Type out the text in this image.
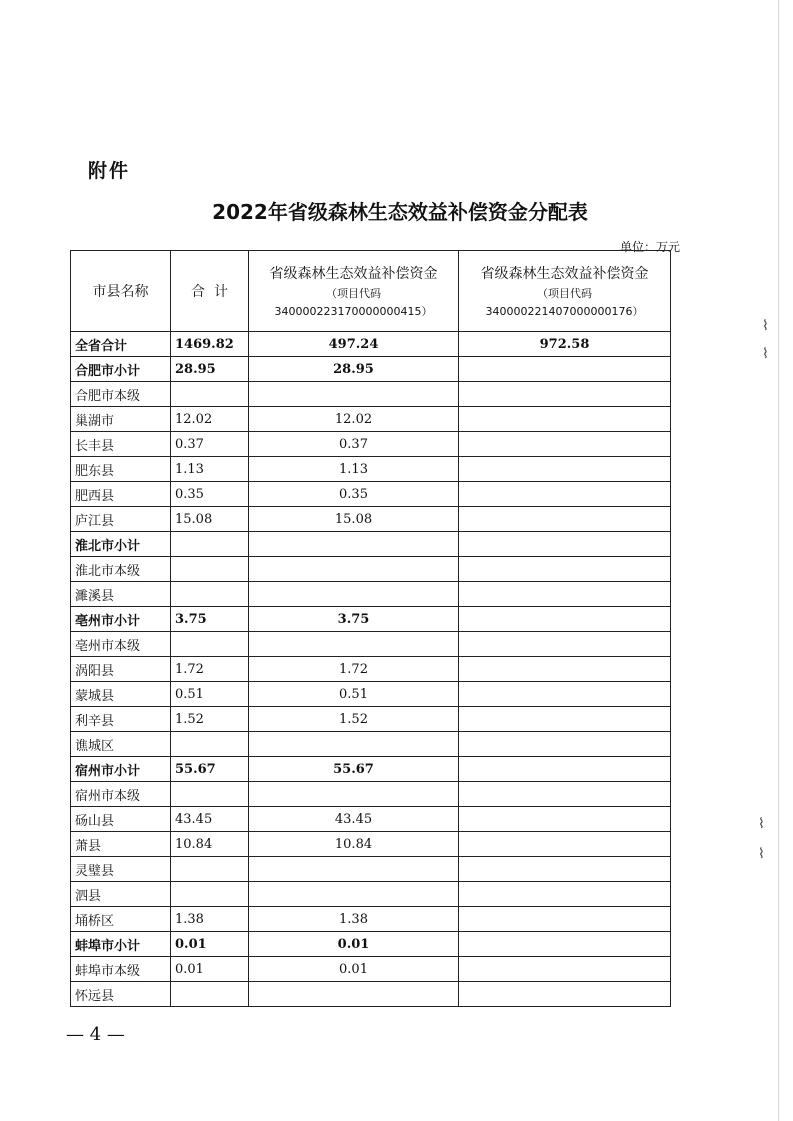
附件
2022年省级森林生态效益补偿资金分配表
单位：万元
市县名称	合  计	省级森林生态效益补偿资金
（项目代码
340000223170000000415）	省级森林生态效益补偿资金
（项目代码
340000221407000000176）

全省合计	1469.82	497.24	972.58
合肥市小计	28.95	28.95	
合肥市本级			
巢湖市	12.02	12.02	
长丰县	0.37	0.37	
肥东县	1.13	1.13	
肥西县	0.35	0.35	
庐江县	15.08	15.08	
淮北市小计			
淮北市本级			
濉溪县			
亳州市小计	3.75	3.75	
亳州市本级			
涡阳县	1.72	1.72	
蒙城县	0.51	0.51	
利辛县	1.52	1.52	
谯城区			
宿州市小计	55.67	55.67	
宿州市本级			
砀山县	43.45	43.45	
萧县	10.84	10.84	
灵璧县			
泗县			
埇桥区	1.38	1.38	
蚌埠市小计	0.01	0.01	
蚌埠市本级	0.01	0.01	
怀远县			
— 4 —
⌇
⌇
⌇
⌇
